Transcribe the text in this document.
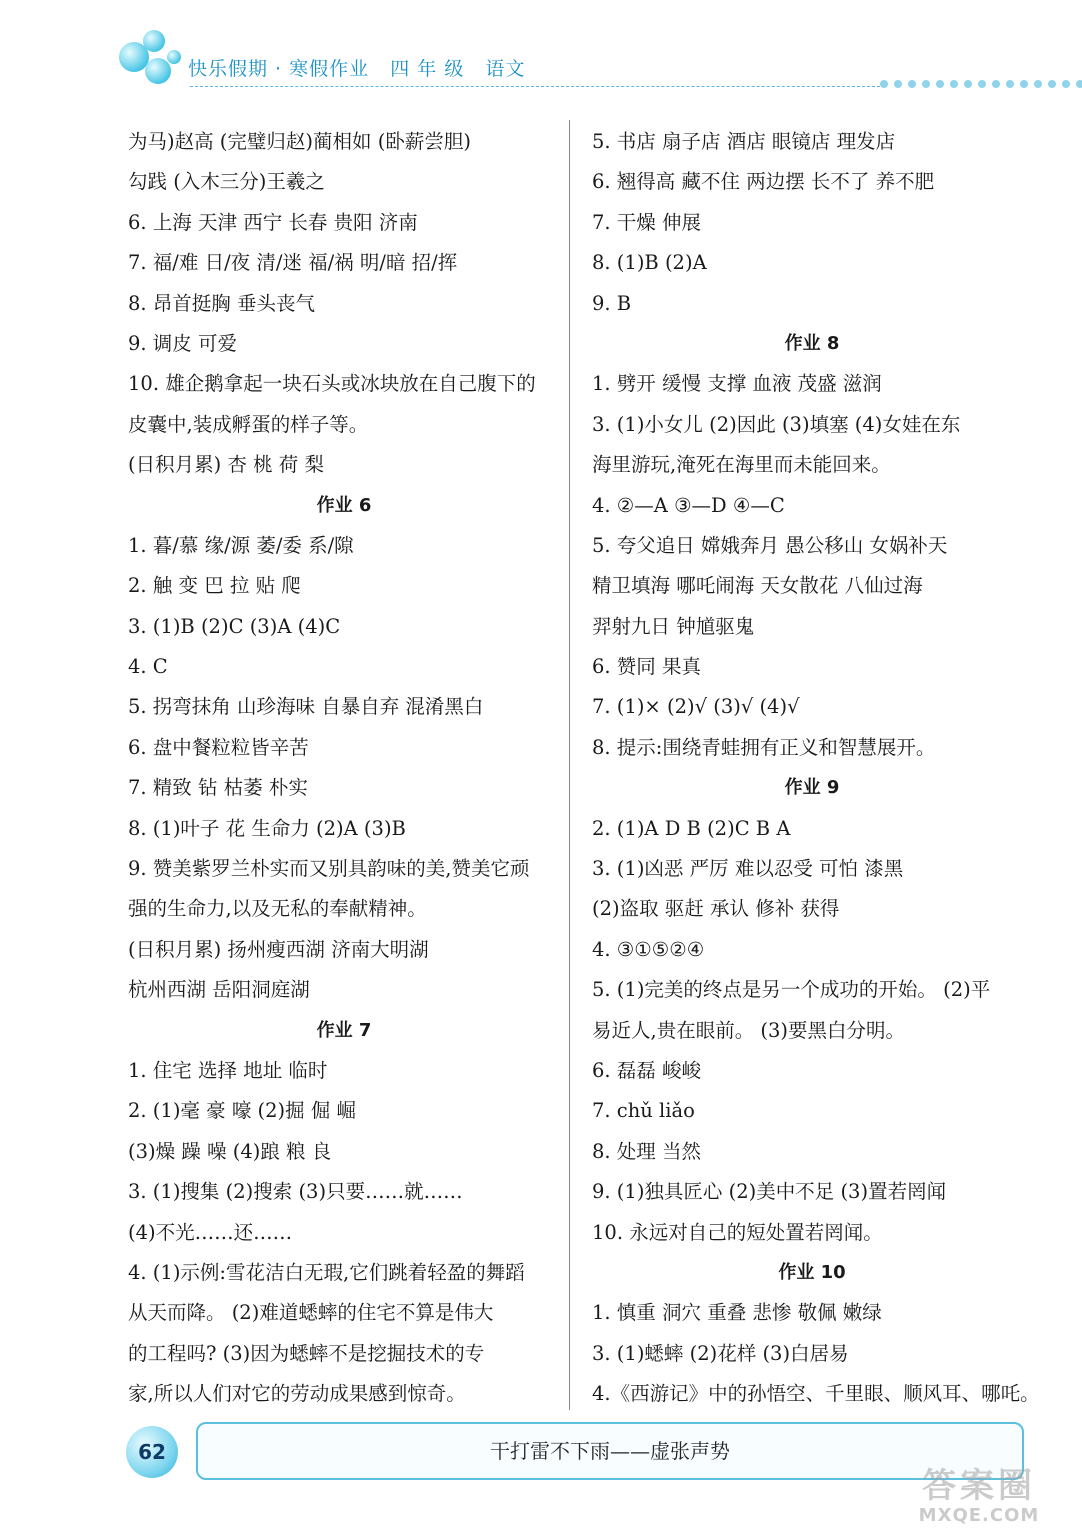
快乐假期 · 寒假作业   四 年 级   语文
为马)赵高 (完璧归赵)蔺相如 (卧薪尝胆)
勾践 (入木三分)王羲之
6. 上海 天津 西宁 长春 贵阳 济南
7. 福/难 日/夜 清/迷 福/祸 明/暗 招/挥
8. 昂首挺胸 垂头丧气
9. 调皮 可爱
10. 雄企鹅拿起一块石头或冰块放在自己腹下的
皮囊中,装成孵蛋的样子等。
(日积月累) 杏 桃 荷 梨
作业 6
1. 暮/慕 缘/源 萎/委 系/隙
2. 触 变 巴 拉 贴 爬
3. (1)B (2)C (3)A (4)C
4. C
5. 拐弯抹角 山珍海味 自暴自弃 混淆黑白
6. 盘中餐粒粒皆辛苦
7. 精致 钻 枯萎 朴实
8. (1)叶子 花 生命力 (2)A (3)B
9. 赞美紫罗兰朴实而又别具韵味的美,赞美它顽
强的生命力,以及无私的奉献精神。
(日积月累) 扬州瘦西湖 济南大明湖
杭州西湖 岳阳洞庭湖
作业 7
1. 住宅 选择 地址 临时
2. (1)毫 豪 嚎 (2)掘 倔 崛
(3)燥 躁 噪 (4)踉 粮 良
3. (1)搜集 (2)搜索 (3)只要……就……
(4)不光……还……
4. (1)示例:雪花洁白无瑕,它们跳着轻盈的舞蹈
从天而降。 (2)难道蟋蟀的住宅不算是伟大
的工程吗? (3)因为蟋蟀不是挖掘技术的专
家,所以人们对它的劳动成果感到惊奇。
5. 书店 扇子店 酒店 眼镜店 理发店
6. 翘得高 藏不住 两边摆 长不了 养不肥
7. 干燥 伸展
8. (1)B (2)A
9. B
作业 8
1. 劈开 缓慢 支撑 血液 茂盛 滋润
3. (1)小女儿 (2)因此 (3)填塞 (4)女娃在东
海里游玩,淹死在海里而未能回来。
4. ②—A ③—D ④—C
5. 夸父追日 嫦娥奔月 愚公移山 女娲补天
精卫填海 哪吒闹海 天女散花 八仙过海
羿射九日 钟馗驱鬼
6. 赞同 果真
7. (1)× (2)√ (3)√ (4)√
8. 提示:围绕青蛙拥有正义和智慧展开。
作业 9
2. (1)A D B (2)C B A
3. (1)凶恶 严厉 难以忍受 可怕 漆黑
(2)盗取 驱赶 承认 修补 获得
4. ③①⑤②④
5. (1)完美的终点是另一个成功的开始。 (2)平
易近人,贵在眼前。 (3)要黑白分明。
6. 磊磊 峻峻
7. chǔ liǎo
8. 处理 当然
9. (1)独具匠心 (2)美中不足 (3)置若罔闻
10. 永远对自己的短处置若罔闻。
作业 10
1. 慎重 洞穴 重叠 悲惨 敬佩 嫩绿
3. (1)蟋蟀 (2)花样 (3)白居易
4.《西游记》中的孙悟空、千里眼、顺风耳、哪吒。
62	干打雷不下雨——虚张声势
答案圈
MXQE.COM
